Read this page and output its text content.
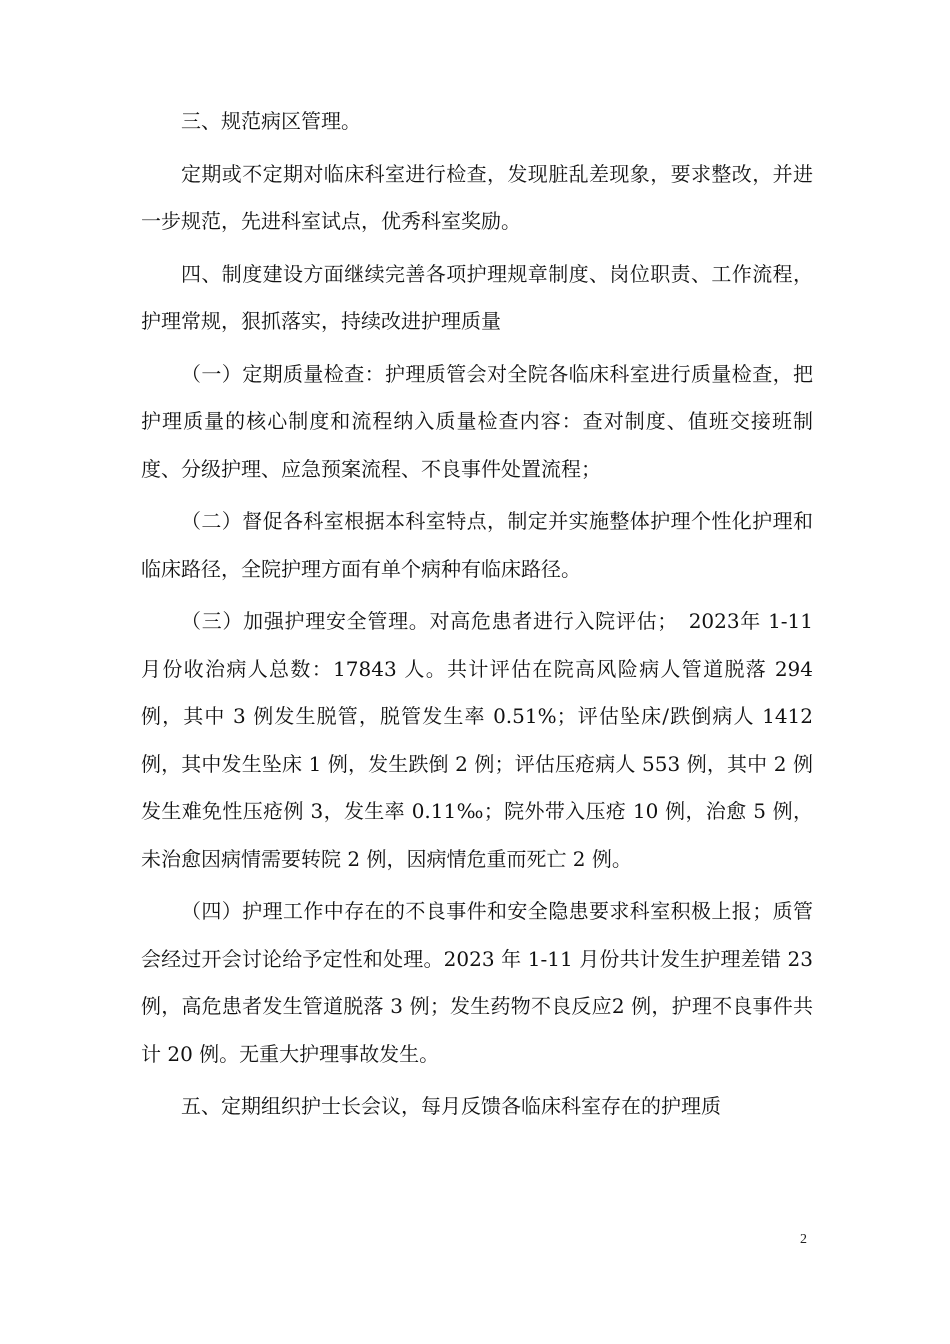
三、规范病区管理。

定期或不定期对临床科室进行检查，发现脏乱差现象，要求整改，并进一步规范，先进科室试点，优秀科室奖励。

四、制度建设方面继续完善各项护理规章制度、岗位职责、工作流程，护理常规，狠抓落实，持续改进护理质量

（一）定期质量检查：护理质管会对全院各临床科室进行质量检查，把护理质量的核心制度和流程纳入质量检查内容：查对制度、值班交接班制度、分级护理、应急预案流程、不良事件处置流程；

（二）督促各科室根据本科室特点，制定并实施整体护理个性化护理和临床路径，全院护理方面有单个病种有临床路径。

（三）加强护理安全管理。对高危患者进行入院评估；　2023年 1-11 月份收治病人总数：17843 人。共计评估在院高风险病人管道脱落 294 例，其中 3 例发生脱管，脱管发生率 0.51%；评估坠床/跌倒病人 1412 例，其中发生坠床 1 例，发生跌倒 2 例；评估压疮病人 553 例，其中 2 例发生难免性压疮例 3，发生率 0.11‰；院外带入压疮 10 例，治愈 5 例，未治愈因病情需要转院 2 例，因病情危重而死亡 2 例。

（四）护理工作中存在的不良事件和安全隐患要求科室积极上报；质管会经过开会讨论给予定性和处理。2023 年 1-11 月份共计发生护理差错 23 例，高危患者发生管道脱落 3 例；发生药物不良反应2 例，护理不良事件共计 20 例。无重大护理事故发生。

五、定期组织护士长会议，每月反馈各临床科室存在的护理质

2
